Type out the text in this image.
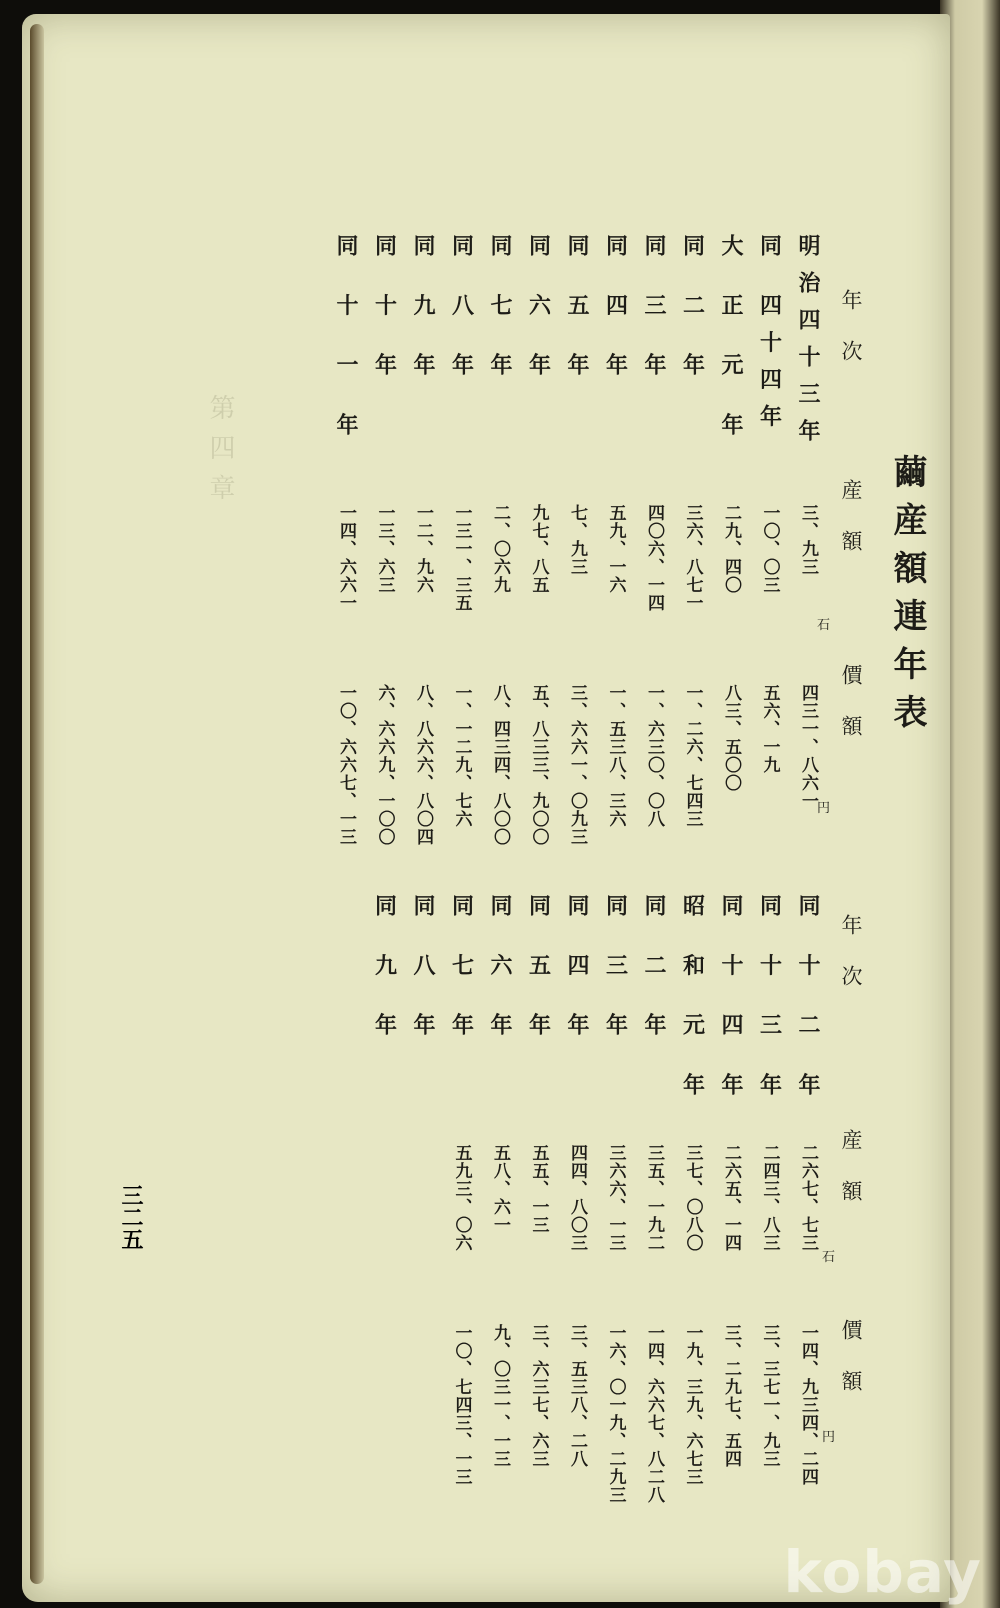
第四章
　　　　　	繭産額連年表
年次
産額
價額
年次
産額
價額
石
円
石
円
明治四十三年
三、九三
四三一、八六一
同 四十四年
一〇、〇三
五六、一九
大 正 元 年
二九、四〇
八三、五〇〇
同 二 年
三六、八七一
一、二六、七四三
同 三 年
四〇六、一四
一、六三〇、〇八
同 四 年
五九、一六
一、五三八、三六
同 五 年
七、九三
三、六六一、〇九三
同 六 年
九七、八五
五、八三三、九〇〇
同 七 年
二、〇六九
八、四三四、八〇〇
同 八 年
一三一、三五
一、一二九、七六
同 九 年
一二、九六
八、八六六、八〇四
同 十 年
一三、六三
六、六六九、一〇〇
同 十 一 年
一四、六六一
一〇、六六七、一三
同 十 二 年
二六七、七三
一四、九三四、二四
同 十 三 年
二四三、八三
三、三七一、九三
同 十 四 年
二六五、一四
三、二九七、五四
昭 和 元 年
三七、〇八〇
一九、三九、六七三
同 二 年
三五、一九二
一四、六六七、八二八
同 三 年
三六六、一三
一六、〇一九、二九三
同 四 年
四四、八〇三
三、五三八、二八
同 五 年
五五、一三
三、六三七、六三
同 六 年
五八、六一
九、〇三一、一三
同 七 年
五九三、〇六
一〇、七四三、一三
同 八 年
同 九 年
三二五
kobay
